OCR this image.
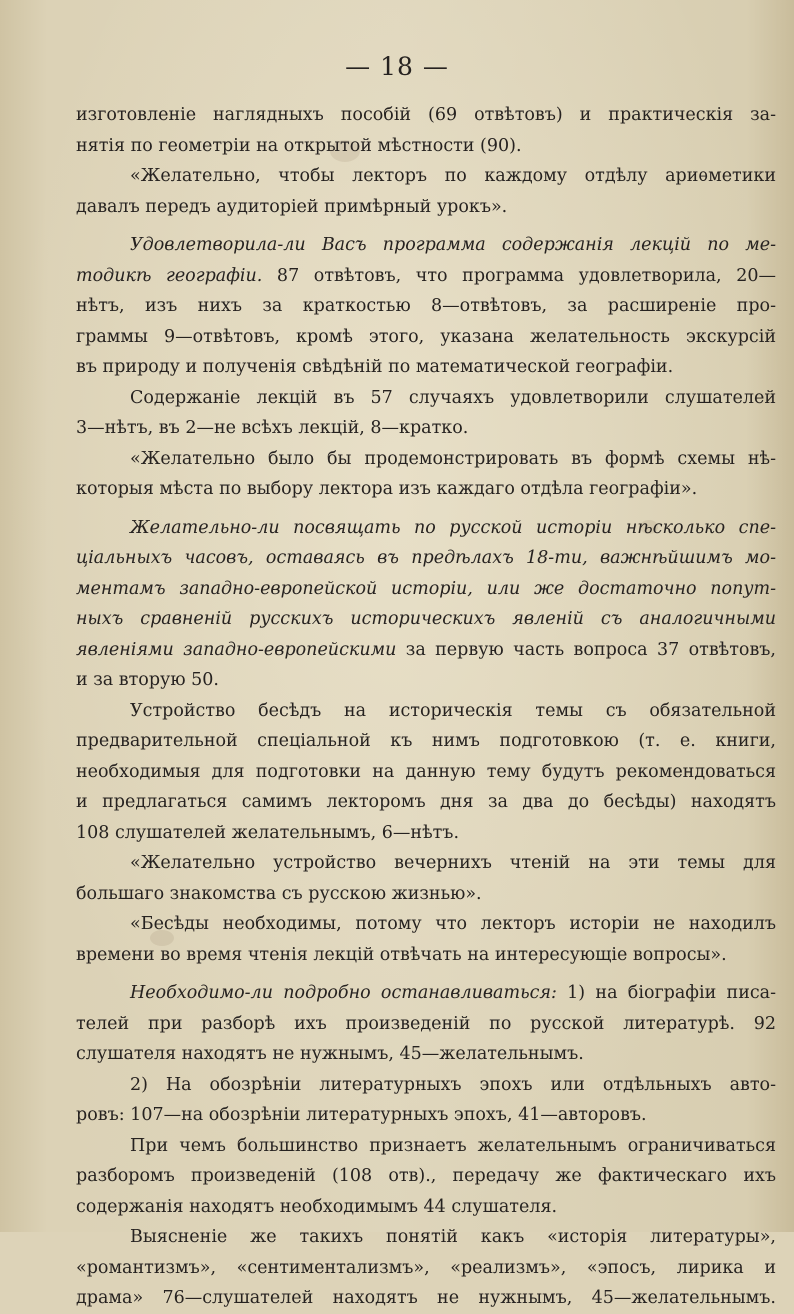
— 18 —
изготовленіе наглядныхъ пособій (69 отвѣтовъ) и практическія за-
нятія по геометріи на открытой мѣстности (90).
«Желательно, чтобы лекторъ по каждому отдѣлу ариѳметики
давалъ передъ аудиторіей примѣрный урокъ».
Удовлетворила-ли Васъ программа содержанія лекцій по ме-
тодикѣ географіи. 87 отвѣтовъ, что программа удовлетворила, 20—
нѣтъ, изъ нихъ за краткостью 8—отвѣтовъ, за расширеніе про-
граммы 9—отвѣтовъ, кромѣ этого, указана желательность экскурсій
въ природу и полученія свѣдѣній по математической географіи.
Содержаніе лекцій въ 57 случаяхъ удовлетворили слушателей
3—нѣтъ, въ 2—не всѣхъ лекцій, 8—кратко.
«Желательно было бы продемонстрировать въ формѣ схемы нѣ-
которыя мѣста по выбору лектора изъ каждаго отдѣла географіи».
Желательно-ли посвящать по русской исторіи нѣсколько спе-
ціальныхъ часовъ, оставаясь въ предѣлахъ 18-ти, важнѣйшимъ мо-
ментамъ западно-европейской исторіи, или же достаточно попут-
ныхъ сравненій русскихъ историческихъ явленій съ аналогичными
явленіями западно-европейскими за первую часть вопроса 37 отвѣтовъ,
и за вторую 50.
Устройство бесѣдъ на историческія темы съ обязательной
предварительной спеціальной къ нимъ подготовкою (т. е. книги,
необходимыя для подготовки на данную тему будутъ рекомендоваться
и предлагаться самимъ лекторомъ дня за два до бесѣды) находятъ
108 слушателей желательнымъ, 6—нѣтъ.
«Желательно устройство вечернихъ чтеній на эти темы для
большаго знакомства съ русскою жизнью».
«Бесѣды необходимы, потому что лекторъ исторіи не находилъ
времени во время чтенія лекцій отвѣчать на интересующіе вопросы».
Необходимо-ли подробно останавливаться: 1) на біографіи писа-
телей при разборѣ ихъ произведеній по русской литературѣ. 92
слушателя находятъ не нужнымъ, 45—желательнымъ.
2) На обозрѣніи литературныхъ эпохъ или отдѣльныхъ авто-
ровъ: 107—на обозрѣніи литературныхъ эпохъ, 41—авторовъ.
При чемъ большинство признаетъ желательнымъ ограничиваться
разборомъ произведеній (108 отв)., передачу же фактическаго ихъ
содержанія находятъ необходимымъ 44 слушателя.
Выясненіе же такихъ понятій какъ «исторія литературы»,
«романтизмъ», «сентиментализмъ», «реализмъ», «эпосъ, лирика и
драма» 76—слушателей находятъ не нужнымъ, 45—желательнымъ.
